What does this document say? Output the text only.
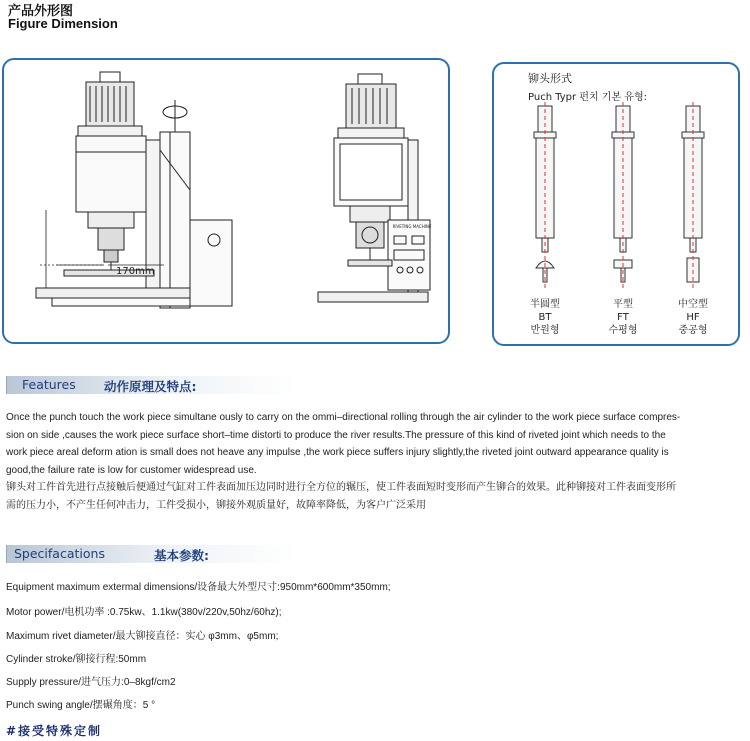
产品外形图
Figure Dimension
170mm
RIVETING MACHINE
铆头形式
Puch Typr 펀치 기본 유형:
半圆型
BT
반원형
平型
FT
수평형
中空型
HF
중공형
Features 动作原理及特点:
Once the punch touch the work piece simultane ously to carry on the ommi–directional rolling through the air cylinder to the work piece surface compres-
sion on side ,causes the work piece surface short–time distorti to produce the river results.The pressure of this kind of riveted joint which needs to the
work piece areal deform ation is small does not heave any impulse ,the work piece suffers injury slightly,the riveted joint outward appearance quality is
good,the failure rate is low for customer widespread use.
铆头对工件首先进行点接触后便通过气缸对工件表面加压边同时进行全方位的辗压，使工件表面短时变形而产生铆合的效果。此种铆接对工件表面变形所
需的压力小，不产生任何冲击力，工件受损小，铆接外观质量好，故障率降低，为客户广泛采用
Specifacations	基本参数:
Equipment maximum extermal dimensions/设备最大外型尺寸:950mm*600mm*350mm;
Motor power/电机功率 :0.75kw、1.1kw(380v/220v,50hz/60hz);
Maximum rivet diameter/最大铆接直径：实心 φ3mm、φ5mm;
Cylinder stroke/铆接行程:50mm
Supply pressure/进气压力:0–8kgf/cm2
Punch swing angle/摆碾角度：5 °
#接受特殊定制
